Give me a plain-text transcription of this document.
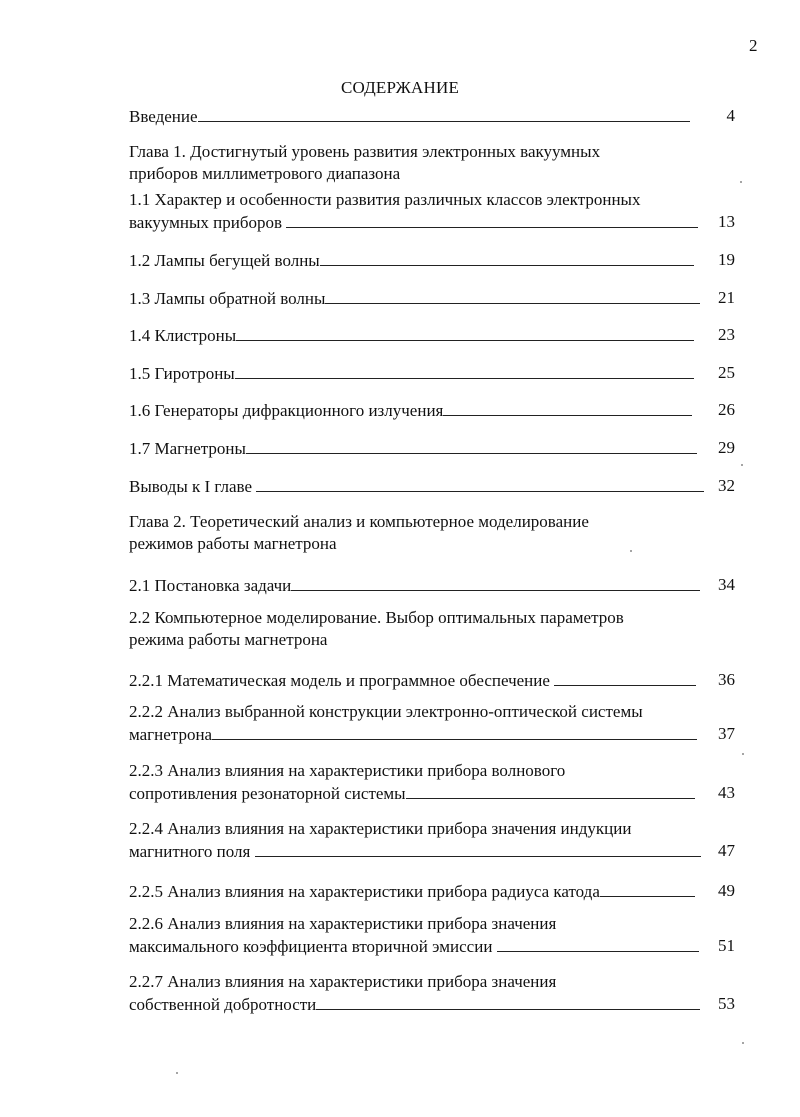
2
СОДЕРЖАНИЕ
Введение	4
Глава 1. Достигнутый уровень развития электронных вакуумных
приборов миллиметрового диапазона
1.1 Характер и особенности развития различных классов электронных
вакуумных приборов	13
1.2 Лампы бегущей волны	19
1.3 Лампы обратной волны	21
1.4 Клистроны	23
1.5 Гиротроны	25
1.6 Генераторы дифракционного излучения	26
1.7 Магнетроны	29
Выводы к I главе	32
Глава 2. Теоретический анализ и компьютерное моделирование
режимов работы магнетрона
2.1 Постановка задачи	34
2.2 Компьютерное моделирование. Выбор оптимальных параметров
режима работы магнетрона
2.2.1 Математическая модель и программное обеспечение	36
2.2.2 Анализ выбранной конструкции электронно-оптической системы
магнетрона	37
2.2.3 Анализ влияния на характеристики прибора волнового
сопротивления резонаторной системы	43
2.2.4 Анализ влияния на характеристики прибора значения индукции
магнитного поля	47
2.2.5 Анализ влияния на характеристики прибора радиуса катода	49
2.2.6 Анализ влияния на характеристики прибора значения
максимального коэффициента вторичной эмиссии	51
2.2.7 Анализ влияния на характеристики прибора значения
собственной добротности	53
